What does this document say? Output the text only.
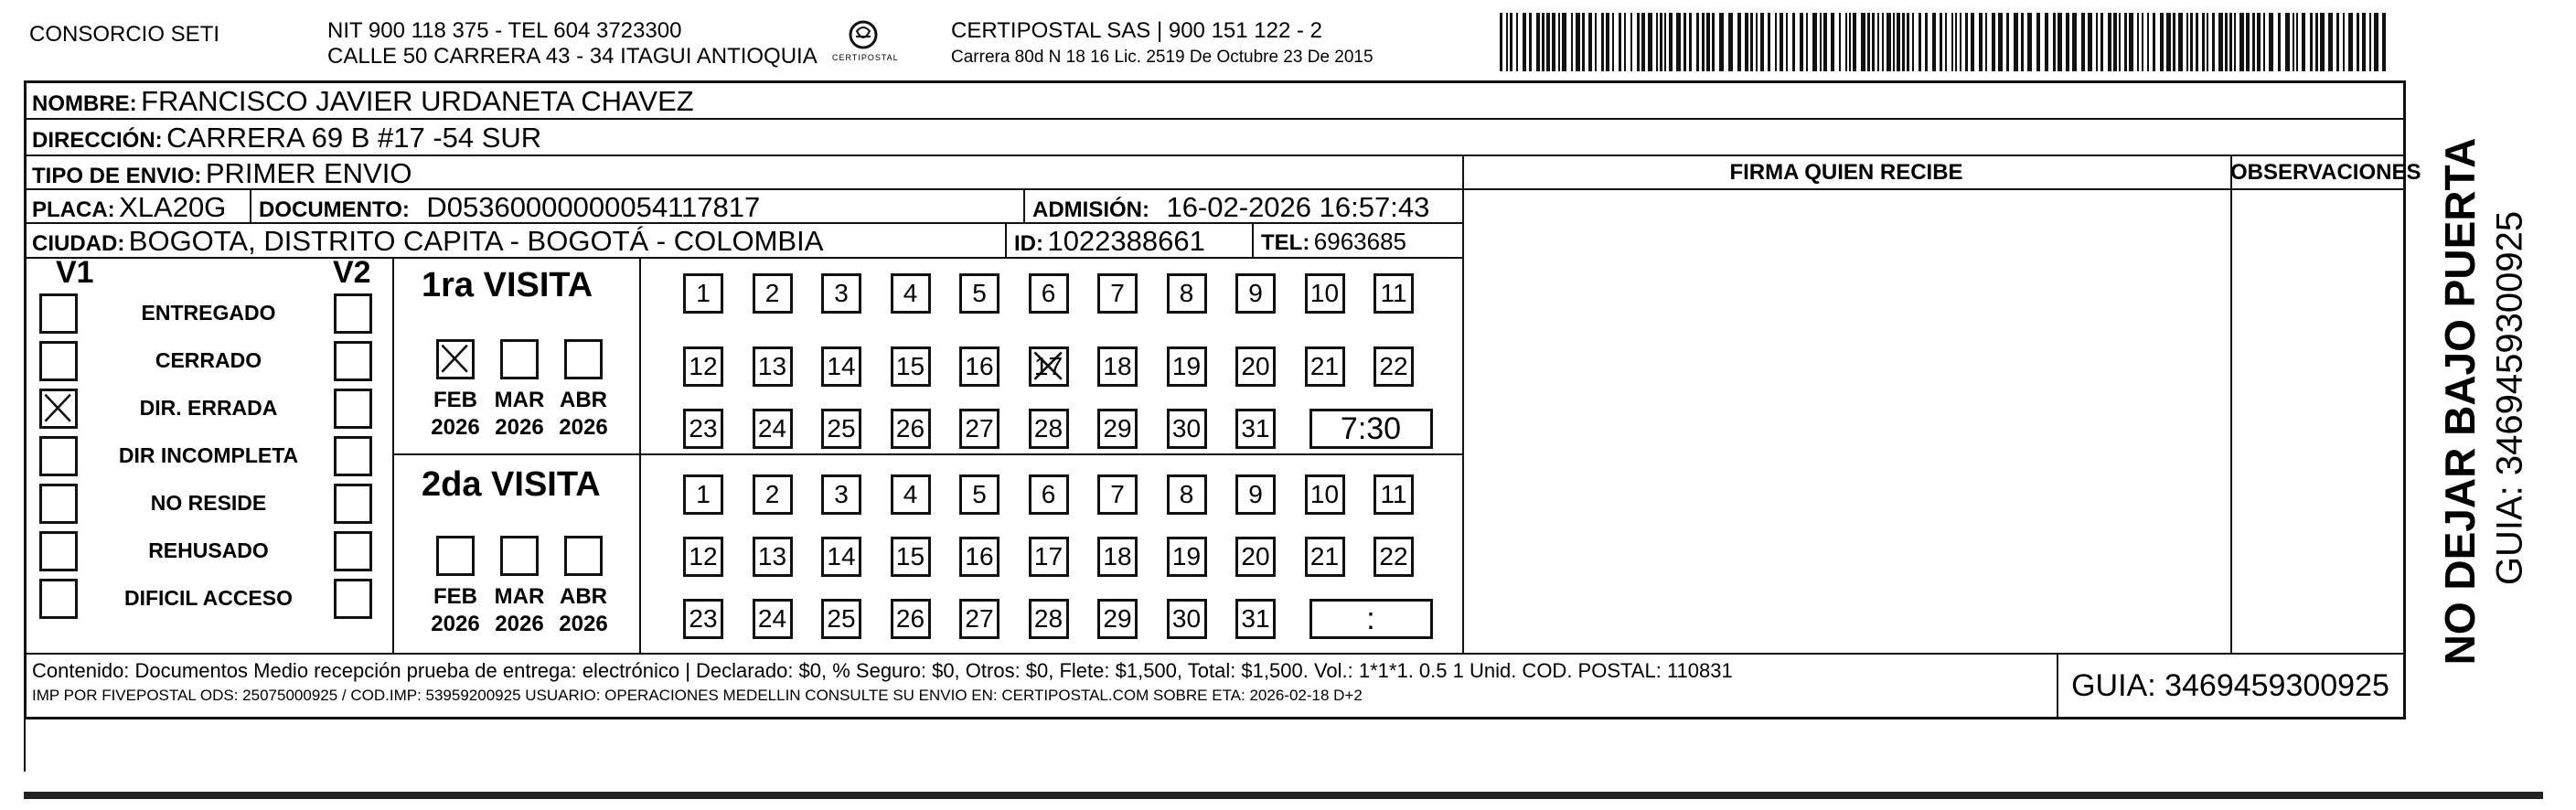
CONSORCIO SETI	NIT 900 118 375 - TEL 604 3723300
CALLE 50 CARRERA 43 - 34 ITAGUI ANTIOQUIA CERTIPOSTAL
CERTIPOSTAL SAS | 900 151 122 - 2
Carrera 80d N 18 16 Lic. 2519 De Octubre 23 De 2015
NOMBRE: FRANCISCO JAVIER URDANETA CHAVEZ
DIRECCIÓN: CARRERA 69 B #17 -54 SUR
TIPO DE ENVIO: PRIMER ENVIO	FIRMA QUIEN RECIBE	OBSERVACIONES
PLACA: XLA20G DOCUMENTO: D05360000000054117817	ADMISIÓN: 16-02-2026 16:57:43
CIUDAD: BOGOTA, DISTRITO CAPITA - BOGOTÁ - COLOMBIA	ID: 1022388661	TEL: 6963685
V1	V2
ENTREGADO
CERRADO
DIR. ERRADA
DIR INCOMPLETA
NO RESIDE
REHUSADO
DIFICIL ACCESO
1ra VISITA
FEB
2026
MAR
2026
ABR
2026
1	2	3	4	5	6	7	8	9	10 11
12 13 14 15 16 17 18 19 20 21 22
23 24 25 26 27 28 29 30 31	7:30
2da VISITA
FEB
2026
MAR
2026
ABR
2026
1	2	3	4	5	6	7	8	9	10 11
12 13 14 15 16 17 18 19 20 21 22
23 24 25 26 27 28 29 30 31	:
Contenido: Documentos Medio recepción prueba de entrega: electrónico | Declarado: $0, % Seguro: $0, Otros: $0, Flete: $1,500, Total: $1,500. Vol.: 1*1*1. 0.5 1 Unid. COD. POSTAL: 110831
IMP POR FIVEPOSTAL ODS: 25075000925 / COD.IMP: 53959200925 USUARIO: OPERACIONES MEDELLIN CONSULTE SU ENVIO EN: CERTIPOSTAL.COM SOBRE ETA: 2026-02-18 D+2	GUIA: 3469459300925
NO DEJAR BAJO PUERTA GUIA: 3469459300925
